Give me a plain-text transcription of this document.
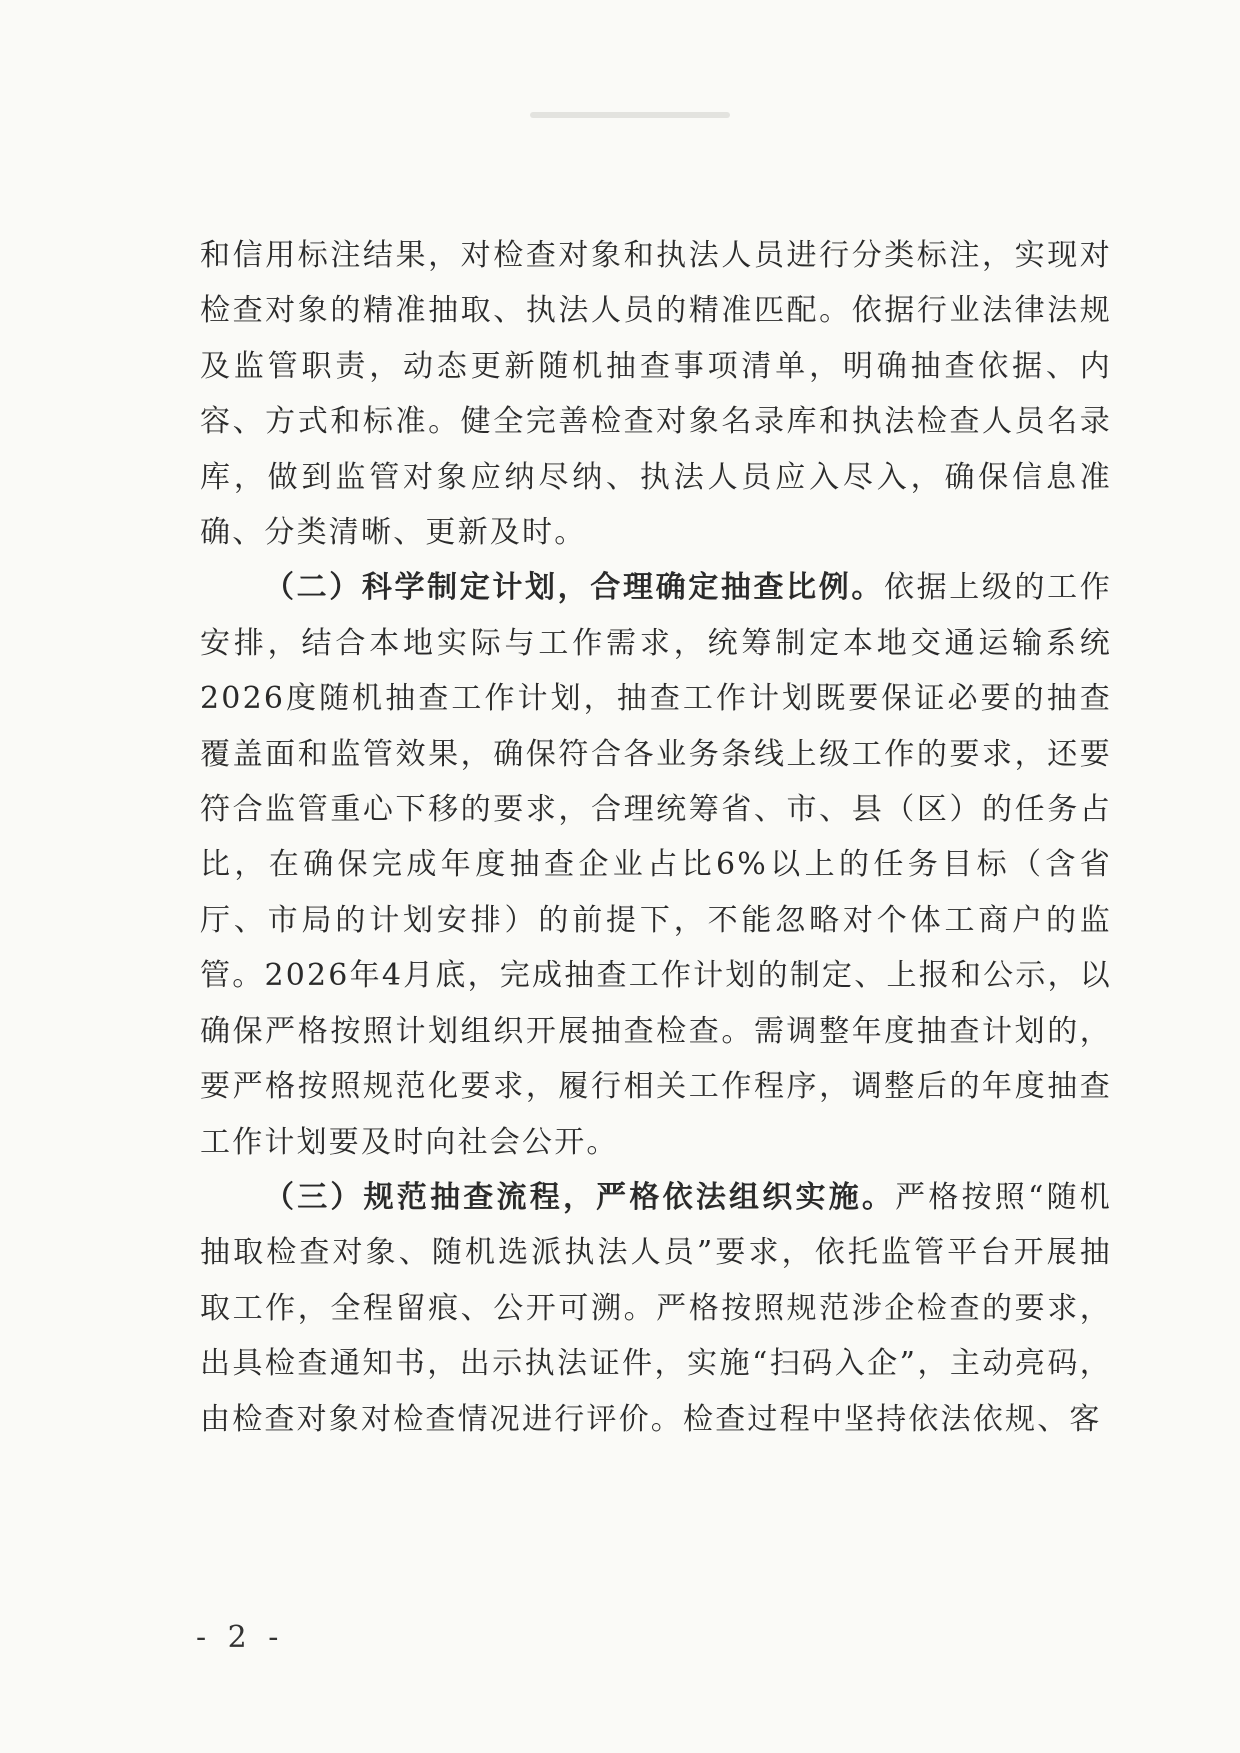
和信用标注结果，对检查对象和执法人员进行分类标注，实现对检查对象的精准抽取、执法人员的精准匹配。依据行业法律法规及监管职责，动态更新随机抽查事项清单，明确抽查依据、内容、方式和标准。健全完善检查对象名录库和执法检查人员名录库，做到监管对象应纳尽纳、执法人员应入尽入，确保信息准确、分类清晰、更新及时。

（二）科学制定计划，合理确定抽查比例。依据上级的工作安排，结合本地实际与工作需求，统筹制定本地交通运输系统2026度随机抽查工作计划，抽查工作计划既要保证必要的抽查覆盖面和监管效果，确保符合各业务条线上级工作的要求，还要符合监管重心下移的要求，合理统筹省、市、县（区）的任务占比，在确保完成年度抽查企业占比6%以上的任务目标（含省厅、市局的计划安排）的前提下，不能忽略对个体工商户的监管。2026年4月底，完成抽查工作计划的制定、上报和公示，以确保严格按照计划组织开展抽查检查。需调整年度抽查计划的，要严格按照规范化要求，履行相关工作程序，调整后的年度抽查工作计划要及时向社会公开。

（三）规范抽查流程，严格依法组织实施。严格按照“随机抽取检查对象、随机选派执法人员”要求，依托监管平台开展抽取工作，全程留痕、公开可溯。严格按照规范涉企检查的要求，出具检查通知书，出示执法证件，实施“扫码入企”，主动亮码，由检查对象对检查情况进行评价。检查过程中坚持依法依规、客

- 2 -
